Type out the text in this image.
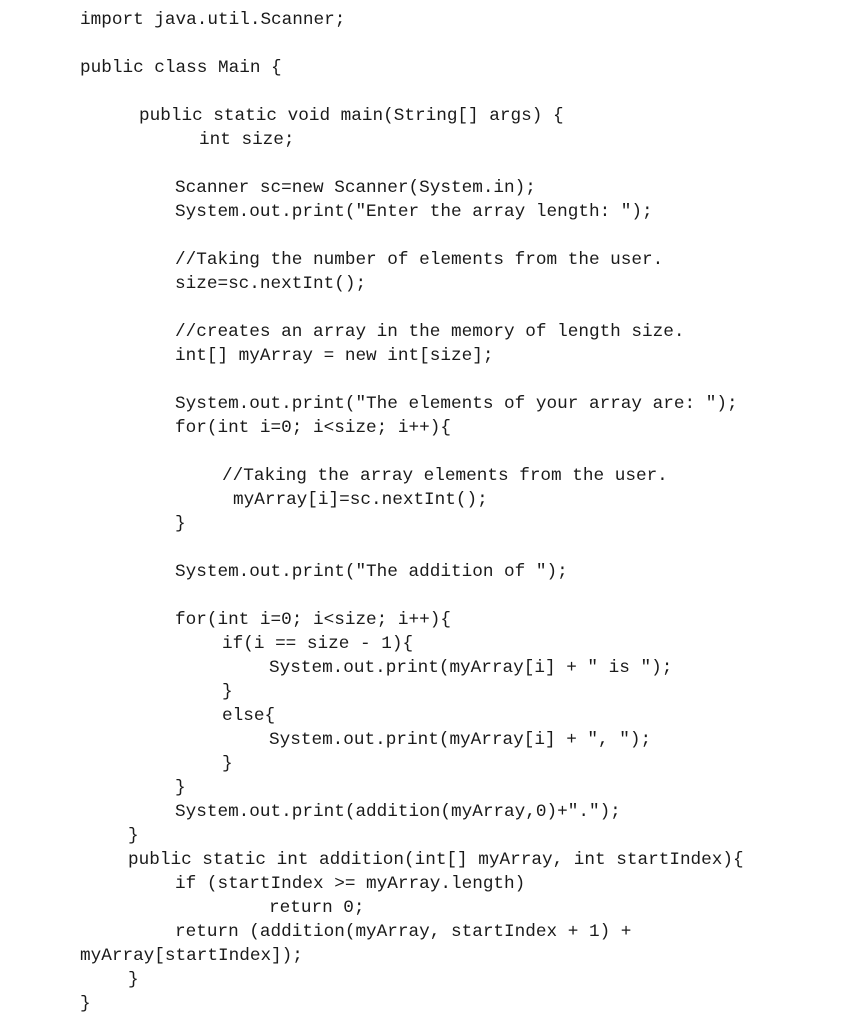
import java.util.Scanner;
public class Main {
public static void main(String[] args) {
int size;
Scanner sc=new Scanner(System.in);
System.out.print("Enter the array length: ");
//Taking the number of elements from the user.
size=sc.nextInt();
//creates an array in the memory of length size.
int[] myArray = new int[size];
System.out.print("The elements of your array are: ");
for(int i=0; i<size; i++){
//Taking the array elements from the user.
myArray[i]=sc.nextInt();
}
System.out.print("The addition of ");
for(int i=0; i<size; i++){
if(i == size - 1){
System.out.print(myArray[i] + " is ");
}
else{
System.out.print(myArray[i] + ", ");
}
}
System.out.print(addition(myArray,0)+".");
}
public static int addition(int[] myArray, int startIndex){
if (startIndex >= myArray.length)
return 0;
return (addition(myArray, startIndex + 1) +
myArray[startIndex]);
}
}
